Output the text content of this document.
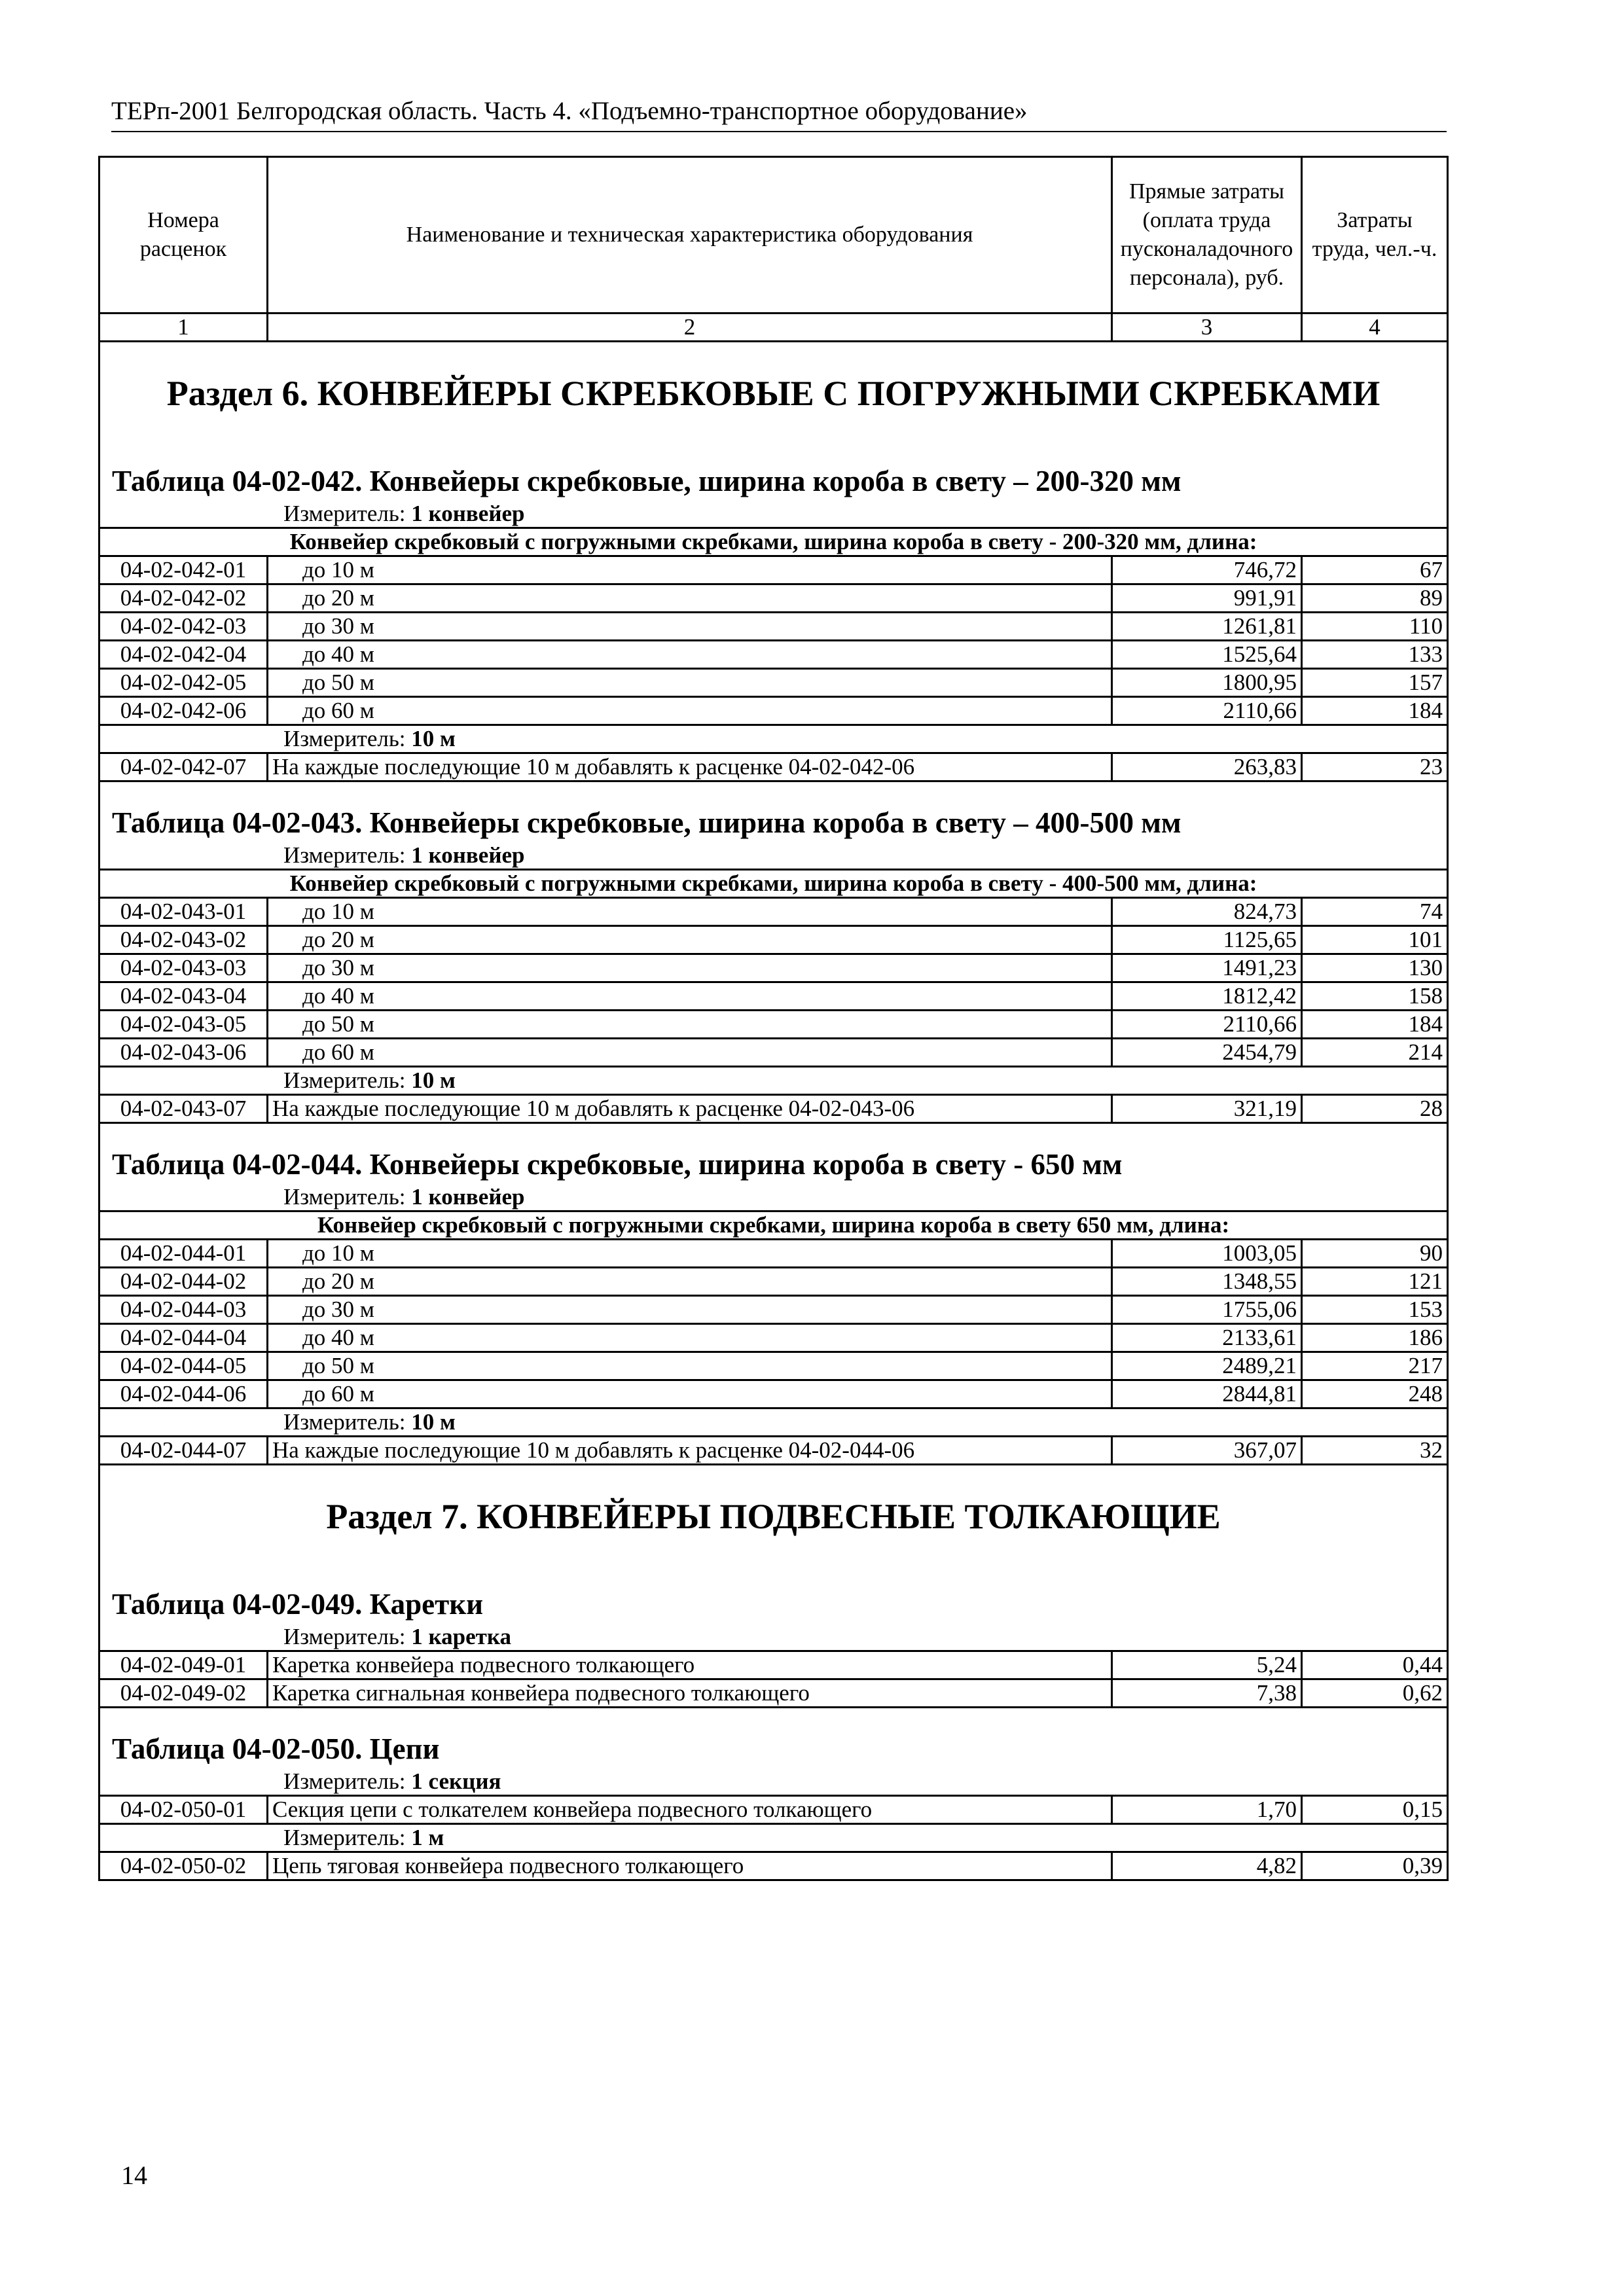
ТЕРп-2001 Белгородская область. Часть 4. «Подъемно-транспортное оборудование»
Номера расценок	Наименование и техническая характеристика оборудования	Прямые затраты (оплата труда пусконаладочного персонала), руб.	Затраты труда, чел.-ч.
1	2	3	4
Раздел 6. КОНВЕЙЕРЫ СКРЕБКОВЫЕ С ПОГРУЖНЫМИ СКРЕБКАМИ			
Таблица 04-02-042. Конвейеры скребковые, ширина короба в свету – 200-320 мм			
Измеритель: 1 конвейер			
Конвейер скребковый с погружными скребками, ширина короба в свету - 200-320 мм, длина:			
04-02-042-01	до 10 м	746,72	67
04-02-042-02	до 20 м	991,91	89
04-02-042-03	до 30 м	1261,81	110
04-02-042-04	до 40 м	1525,64	133
04-02-042-05	до 50 м	1800,95	157
04-02-042-06	до 60 м	2110,66	184
Измеритель: 10 м			
04-02-042-07	На каждые последующие 10 м добавлять к расценке 04-02-042-06	263,83	23
Таблица 04-02-043. Конвейеры скребковые, ширина короба в свету – 400-500 мм			
Измеритель: 1 конвейер			
Конвейер скребковый с погружными скребками, ширина короба в свету - 400-500 мм, длина:			
04-02-043-01	до 10 м	824,73	74
04-02-043-02	до 20 м	1125,65	101
04-02-043-03	до 30 м	1491,23	130
04-02-043-04	до 40 м	1812,42	158
04-02-043-05	до 50 м	2110,66	184
04-02-043-06	до 60 м	2454,79	214
Измеритель: 10 м			
04-02-043-07	На каждые последующие 10 м добавлять к расценке 04-02-043-06	321,19	28
Таблица 04-02-044. Конвейеры скребковые, ширина короба в свету - 650 мм			
Измеритель: 1 конвейер			
Конвейер скребковый с погружными скребками, ширина короба в свету 650 мм, длина:			
04-02-044-01	до 10 м	1003,05	90
04-02-044-02	до 20 м	1348,55	121
04-02-044-03	до 30 м	1755,06	153
04-02-044-04	до 40 м	2133,61	186
04-02-044-05	до 50 м	2489,21	217
04-02-044-06	до 60 м	2844,81	248
Измеритель: 10 м			
04-02-044-07	На каждые последующие 10 м добавлять к расценке 04-02-044-06	367,07	32
Раздел 7. КОНВЕЙЕРЫ ПОДВЕСНЫЕ ТОЛКАЮЩИЕ			
Таблица 04-02-049. Каретки			
Измеритель: 1 каретка			
04-02-049-01	Каретка конвейера подвесного толкающего	5,24	0,44
04-02-049-02	Каретка сигнальная конвейера подвесного толкающего	7,38	0,62
Таблица 04-02-050. Цепи			
Измеритель: 1 секция			
04-02-050-01	Секция цепи с толкателем конвейера подвесного толкающего	1,70	0,15
Измеритель: 1 м			
04-02-050-02	Цепь тяговая конвейера подвесного толкающего	4,82	0,39

14
